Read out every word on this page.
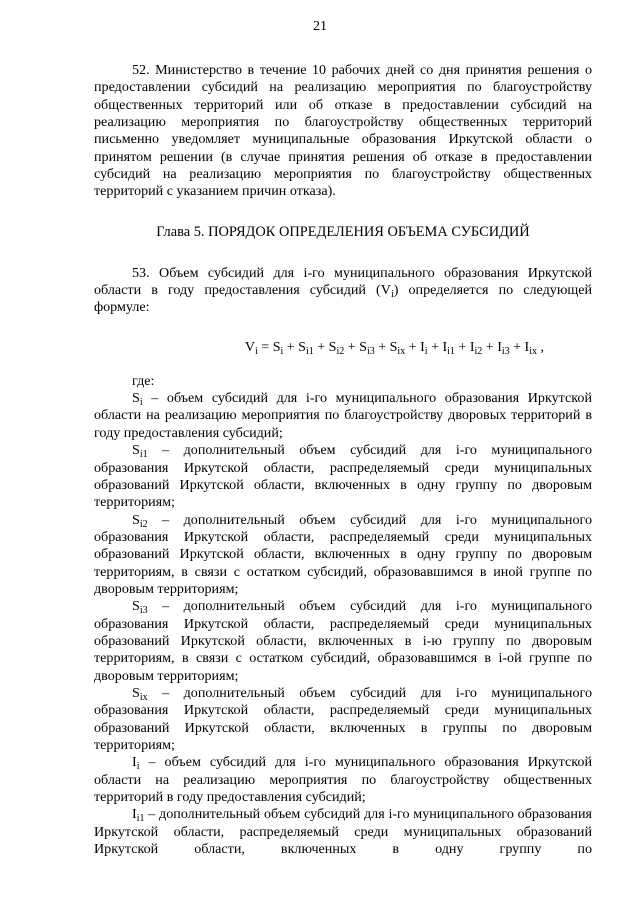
21

52. Министерство в течение 10 рабочих дней со дня принятия решения о предоставлении субсидий на реализацию мероприятия по благоустройству общественных территорий или об отказе в предоставлении субсидий на реализацию мероприятия по благоустройству общественных территорий письменно уведомляет муниципальные образования Иркутской области о принятом решении (в случае принятия решения об отказе в предоставлении субсидий на реализацию мероприятия по благоустройству общественных территорий с указанием причин отказа).

Глава 5. ПОРЯДОК ОПРЕДЕЛЕНИЯ ОБЪЕМА СУБСИДИЙ

53. Объем субсидий для i-го муниципального образования Иркутской области в году предоставления субсидий $(V_i)$ определяется по следующей формуле:

$V_i = S_i + S_{i1} + S_{i2} + S_{i3} + S_{ix} + I_i + I_{i1} + I_{i2} + I_{i3} + I_{ix}$ ,

где:

$S_i$ – объем субсидий для i-го муниципального образования Иркутской области на реализацию мероприятия по благоустройству дворовых территорий в году предоставления субсидий;

$S_{i1}$ – дополнительный объем субсидий для i-го муниципального образования Иркутской области, распределяемый среди муниципальных образований Иркутской области, включенных в одну группу по дворовым территориям;

$S_{i2}$ – дополнительный объем субсидий для i-го муниципального образования Иркутской области, распределяемый среди муниципальных образований Иркутской области, включенных в одну группу по дворовым территориям, в связи с остатком субсидий, образовавшимся в иной группе по дворовым территориям;

$S_{i3}$ – дополнительный объем субсидий для i-го муниципального образования Иркутской области, распределяемый среди муниципальных образований Иркутской области, включенных в i-ю группу по дворовым территориям, в связи с остатком субсидий, образовавшимся в i-ой группе по дворовым территориям;

$S_{ix}$ – дополнительный объем субсидий для i-го муниципального образования Иркутской области, распределяемый среди муниципальных образований Иркутской области, включенных в группы по дворовым территориям;

$I_i$ – объем субсидий для i-го муниципального образования Иркутской области на реализацию мероприятия по благоустройству общественных территорий в году предоставления субсидий;

$I_{i1}$ – дополнительный объем субсидий для i-го муниципального образования Иркутской области, распределяемый среди муниципальных образований Иркутской области, включенных в одну группу по
